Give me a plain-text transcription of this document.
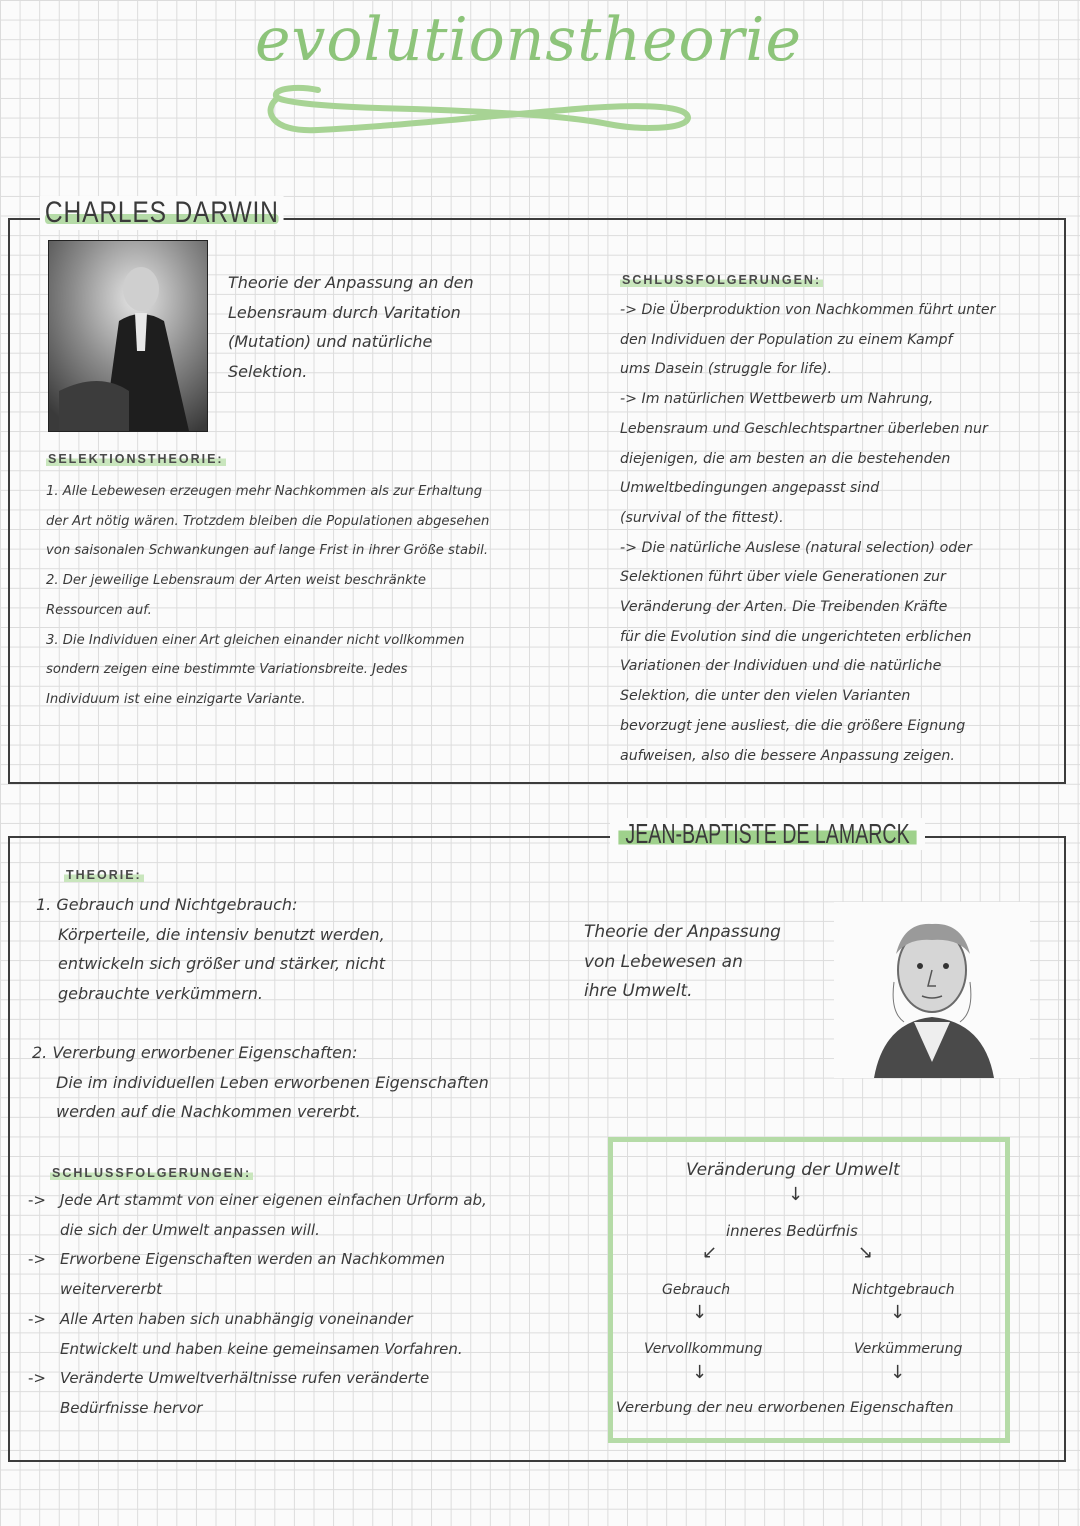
evolutionstheorie
CHARLES DARWIN

Theorie der Anpassung an den

Lebensraum durch Varitation

(Mutation) und natürliche

Selektion.

SELEKTIONSTHEORIE:

1. Alle Lebewesen erzeugen mehr Nachkommen als zur Erhaltung

der Art nötig wären. Trotzdem bleiben die Populationen abgesehen

von saisonalen Schwankungen auf lange Frist in ihrer Größe stabil.

2. Der jeweilige Lebensraum der Arten weist beschränkte

Ressourcen auf.

3. Die Individuen einer Art gleichen einander nicht vollkommen

sondern zeigen eine bestimmte Variationsbreite. Jedes

Individuum ist eine einzigarte Variante.

SCHLUSSFOLGERUNGEN:

-> Die Überproduktion von Nachkommen führt unter

den Individuen der Population zu einem Kampf

ums Dasein (struggle for life).

-> Im natürlichen Wettbewerb um Nahrung,

Lebensraum und Geschlechtspartner überleben nur

diejenigen, die am besten an die bestehenden

Umweltbedingungen angepasst sind

(survival of the fittest).

-> Die natürliche Auslese (natural selection) oder

Selektionen führt über viele Generationen zur

Veränderung der Arten. Die Treibenden Kräfte

für die Evolution sind die ungerichteten erblichen

Variationen der Individuen und die natürliche

Selektion, die unter den vielen Varianten

bevorzugt jene ausliest, die die größere Eignung

aufweisen, also die bessere Anpassung zeigen.

JEAN-BAPTISTE DE LAMARCK
THEORIE:

1. Gebrauch und Nichtgebrauch:

Körperteile, die intensiv benutzt werden,

entwickeln sich größer und stärker, nicht

gebrauchte verkümmern.

2. Vererbung erworbener Eigenschaften:

Die im individuellen Leben erworbenen Eigenschaften

werden auf die Nachkommen vererbt.

Theorie der Anpassung

von Lebewesen an

ihre Umwelt.

SCHLUSSFOLGERUNGEN:
-> Jede Art stammt von einer eigenen einfachen Urform ab,

die sich der Umwelt anpassen will.

-> Erworbene Eigenschaften werden an Nachkommen

weitervererbt

-> Alle Arten haben sich unabhängig voneinander

Entwickelt und haben keine gemeinsamen Vorfahren.

-> Veränderte Umweltverhältnisse rufen veränderte

Bedürfnisse hervor

Veränderung der Umwelt
↓
inneres Bedürfnis
↙	↘
Gebrauch	Nichtgebrauch
↓	↓
Vervollkommung	Verkümmerung
↓	↓
Vererbung der neu erworbenen Eigenschaften
